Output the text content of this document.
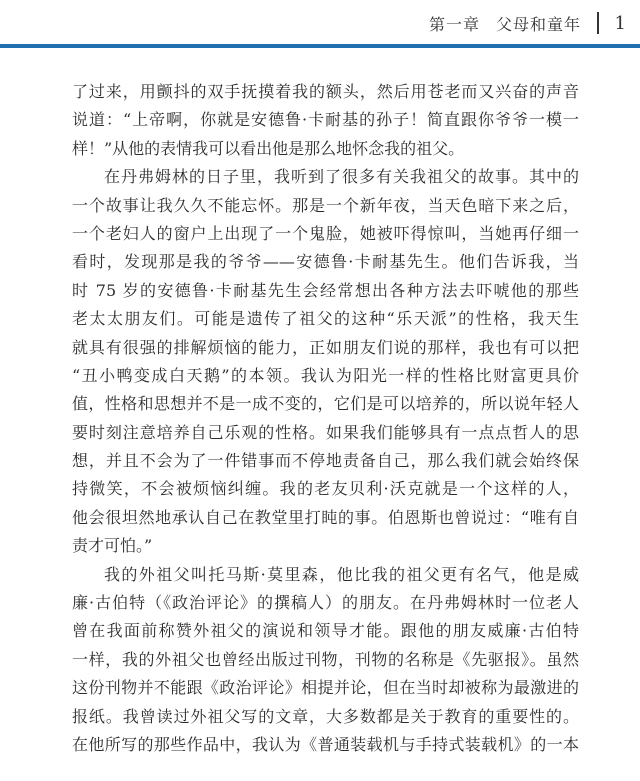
第一章 父母和童年 1
了过来，用颤抖的双手抚摸着我的额头，然后用苍老而又兴奋的声音
说道：“上帝啊，你就是安德鲁·卡耐基的孙子！简直跟你爷爷一模一
样！”从他的表情我可以看出他是那么地怀念我的祖父。
在丹弗姆林的日子里，我听到了很多有关我祖父的故事。其中的
一个故事让我久久不能忘怀。那是一个新年夜，当天色暗下来之后，
一个老妇人的窗户上出现了一个鬼脸，她被吓得惊叫，当她再仔细一
看时，发现那是我的爷爷——安德鲁·卡耐基先生。他们告诉我，当
时 75 岁的安德鲁·卡耐基先生会经常想出各种方法去吓唬他的那些
老太太朋友们。可能是遗传了祖父的这种“乐天派”的性格，我天生
就具有很强的排解烦恼的能力，正如朋友们说的那样，我也有可以把
“丑小鸭变成白天鹅”的本领。我认为阳光一样的性格比财富更具价
值，性格和思想并不是一成不变的，它们是可以培养的，所以说年轻人
要时刻注意培养自己乐观的性格。如果我们能够具有一点点哲人的思
想，并且不会为了一件错事而不停地责备自己，那么我们就会始终保
持微笑，不会被烦恼纠缠。我的老友贝利·沃克就是一个这样的人，
他会很坦然地承认自己在教堂里打盹的事。伯恩斯也曾说过：“唯有自
责才可怕。”
我的外祖父叫托马斯·莫里森，他比我的祖父更有名气，他是威
廉·古伯特（《政治评论》的撰稿人）的朋友。在丹弗姆林时一位老人
曾在我面前称赞外祖父的演说和领导才能。跟他的朋友威廉·古伯特
一样，我的外祖父也曾经出版过刊物，刊物的名称是《先驱报》。虽然
这份刊物并不能跟《政治评论》相提并论，但在当时却被称为最激进的
报纸。我曾读过外祖父写的文章，大多数都是关于教育的重要性的。
在他所写的那些作品中，我认为《普通装载机与手持式装载机》的一本
